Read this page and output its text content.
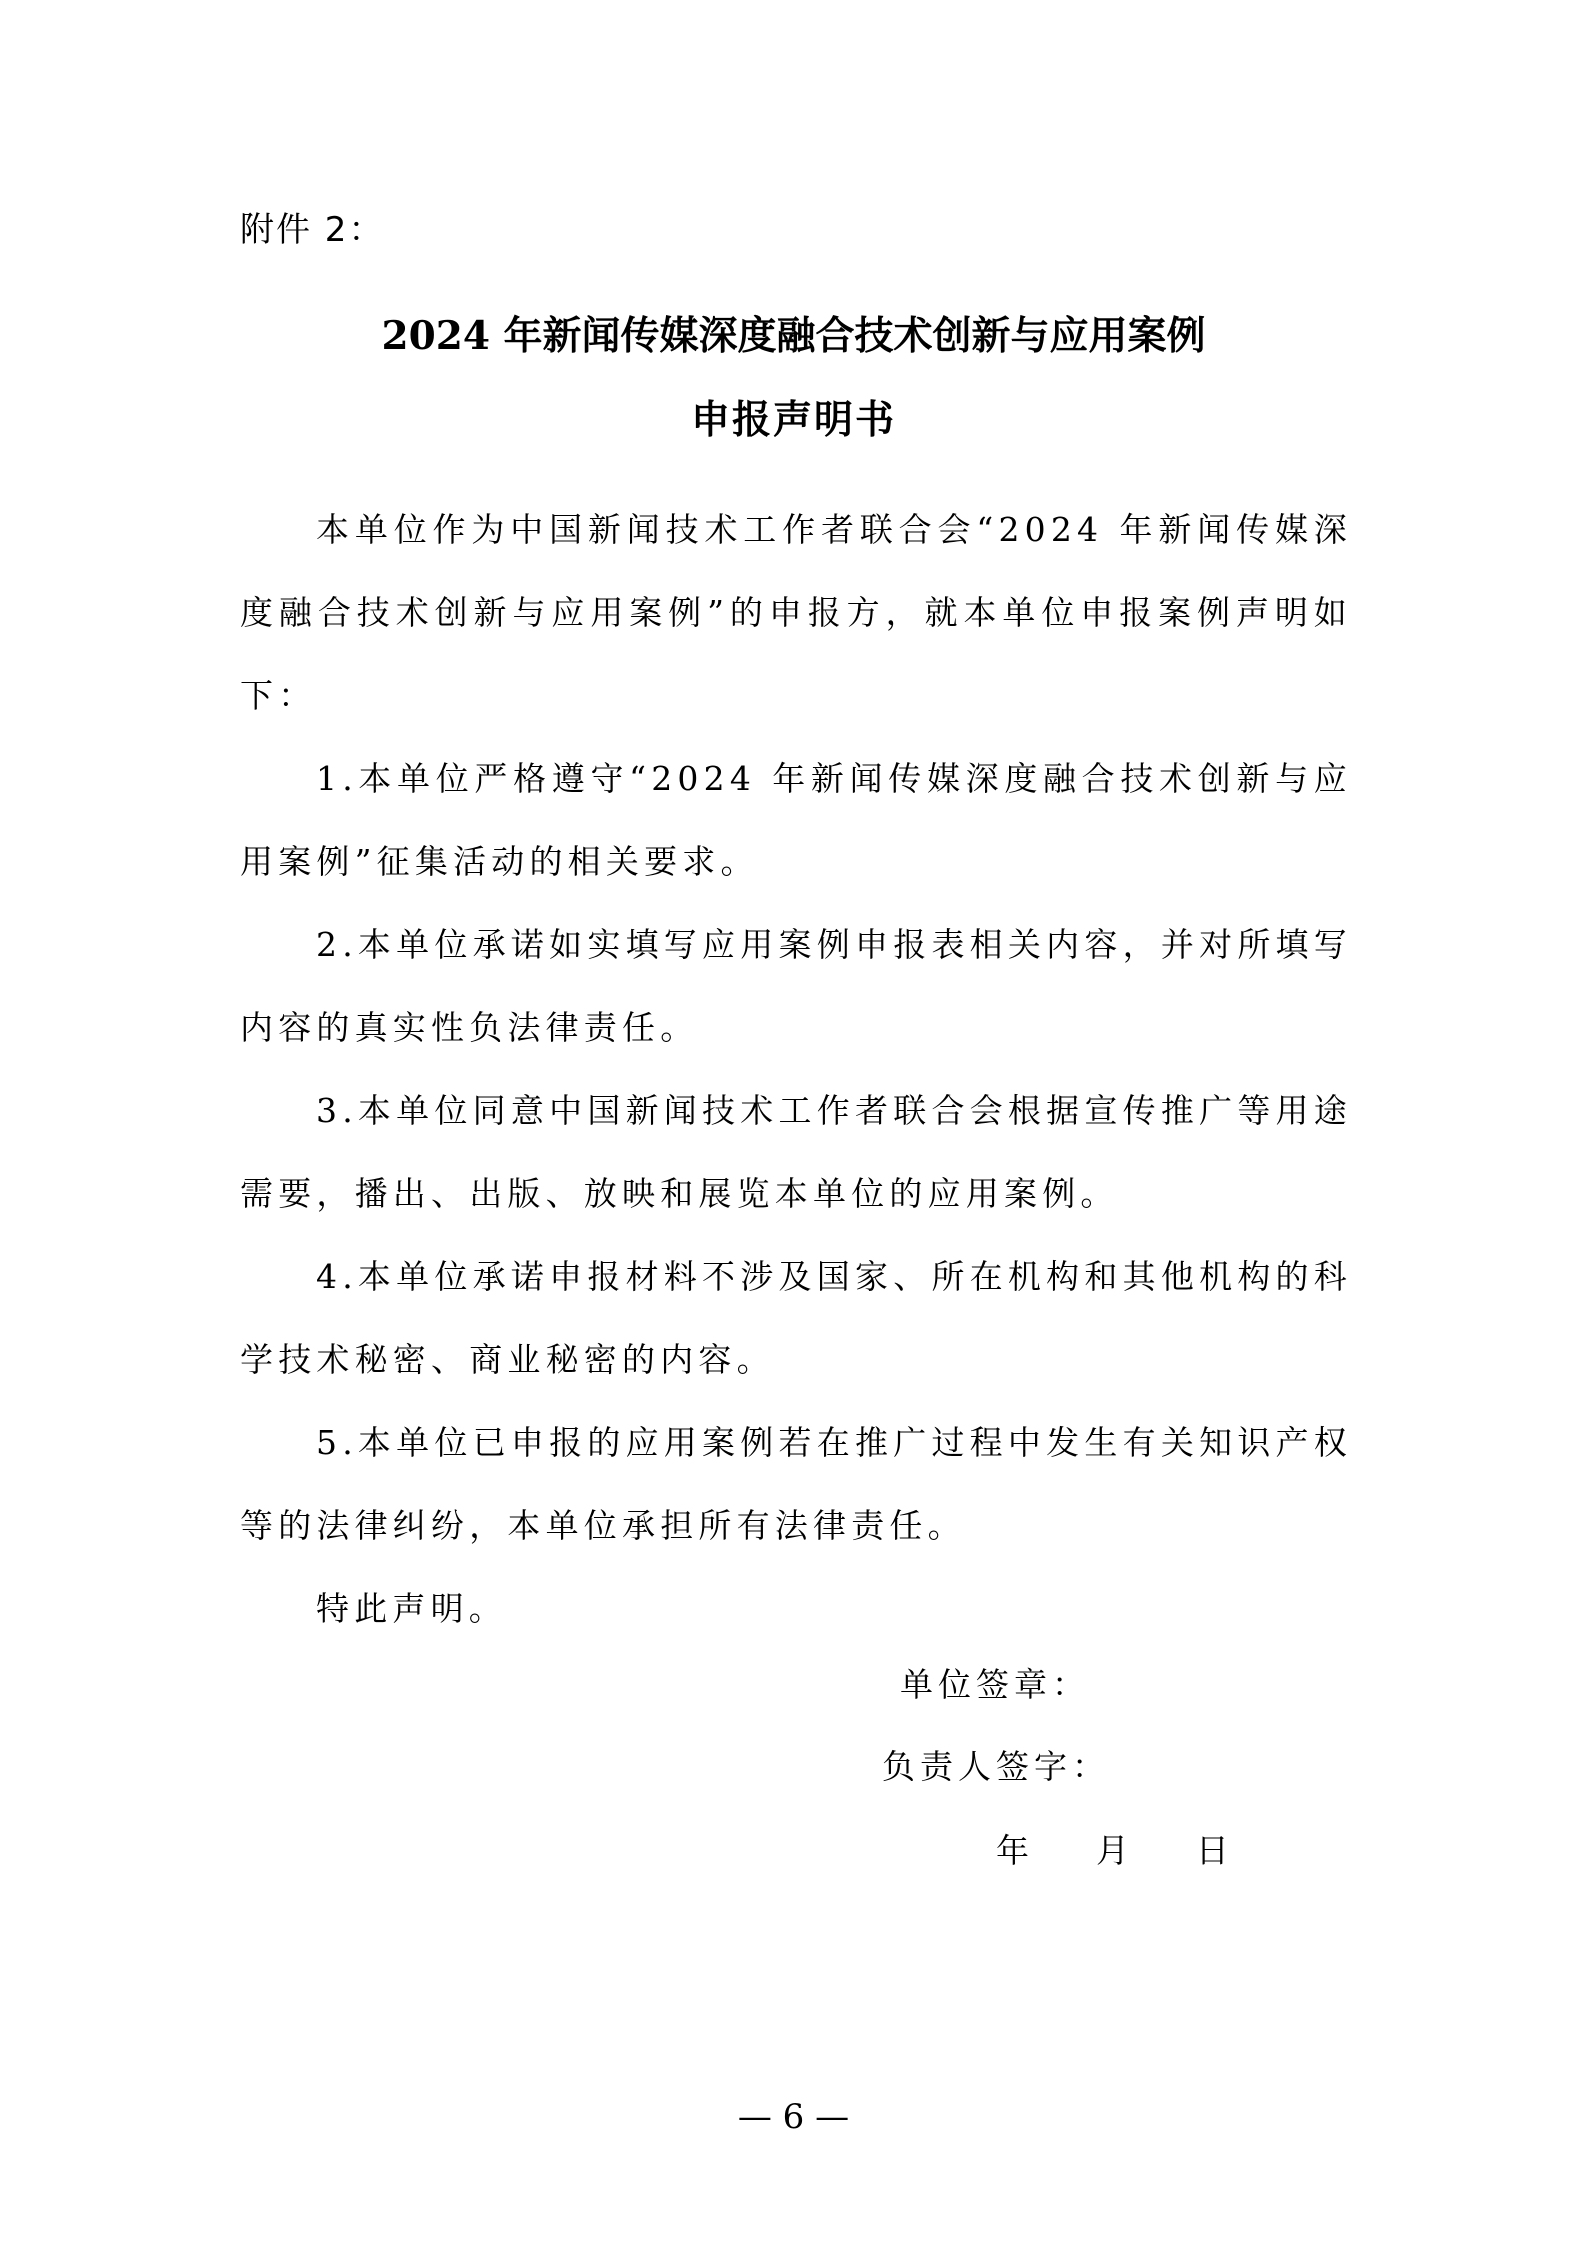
附件 2：
2024 年新闻传媒深度融合技术创新与应用案例
申报声明书

本单位作为中国新闻技术工作者联合会“2024 年新闻传媒深度融合技术创新与应用案例”的申报方，就本单位申报案例声明如下：

1.本单位严格遵守“2024 年新闻传媒深度融合技术创新与应用案例”征集活动的相关要求。

2.本单位承诺如实填写应用案例申报表相关内容，并对所填写内容的真实性负法律责任。

3.本单位同意中国新闻技术工作者联合会根据宣传推广等用途需要，播出、出版、放映和展览本单位的应用案例。

4.本单位承诺申报材料不涉及国家、所在机构和其他机构的科学技术秘密、商业秘密的内容。

5.本单位已申报的应用案例若在推广过程中发生有关知识产权等的法律纠纷，本单位承担所有法律责任。

特此声明。

单位签章：
负责人签字：
年    月    日
— 6 —
